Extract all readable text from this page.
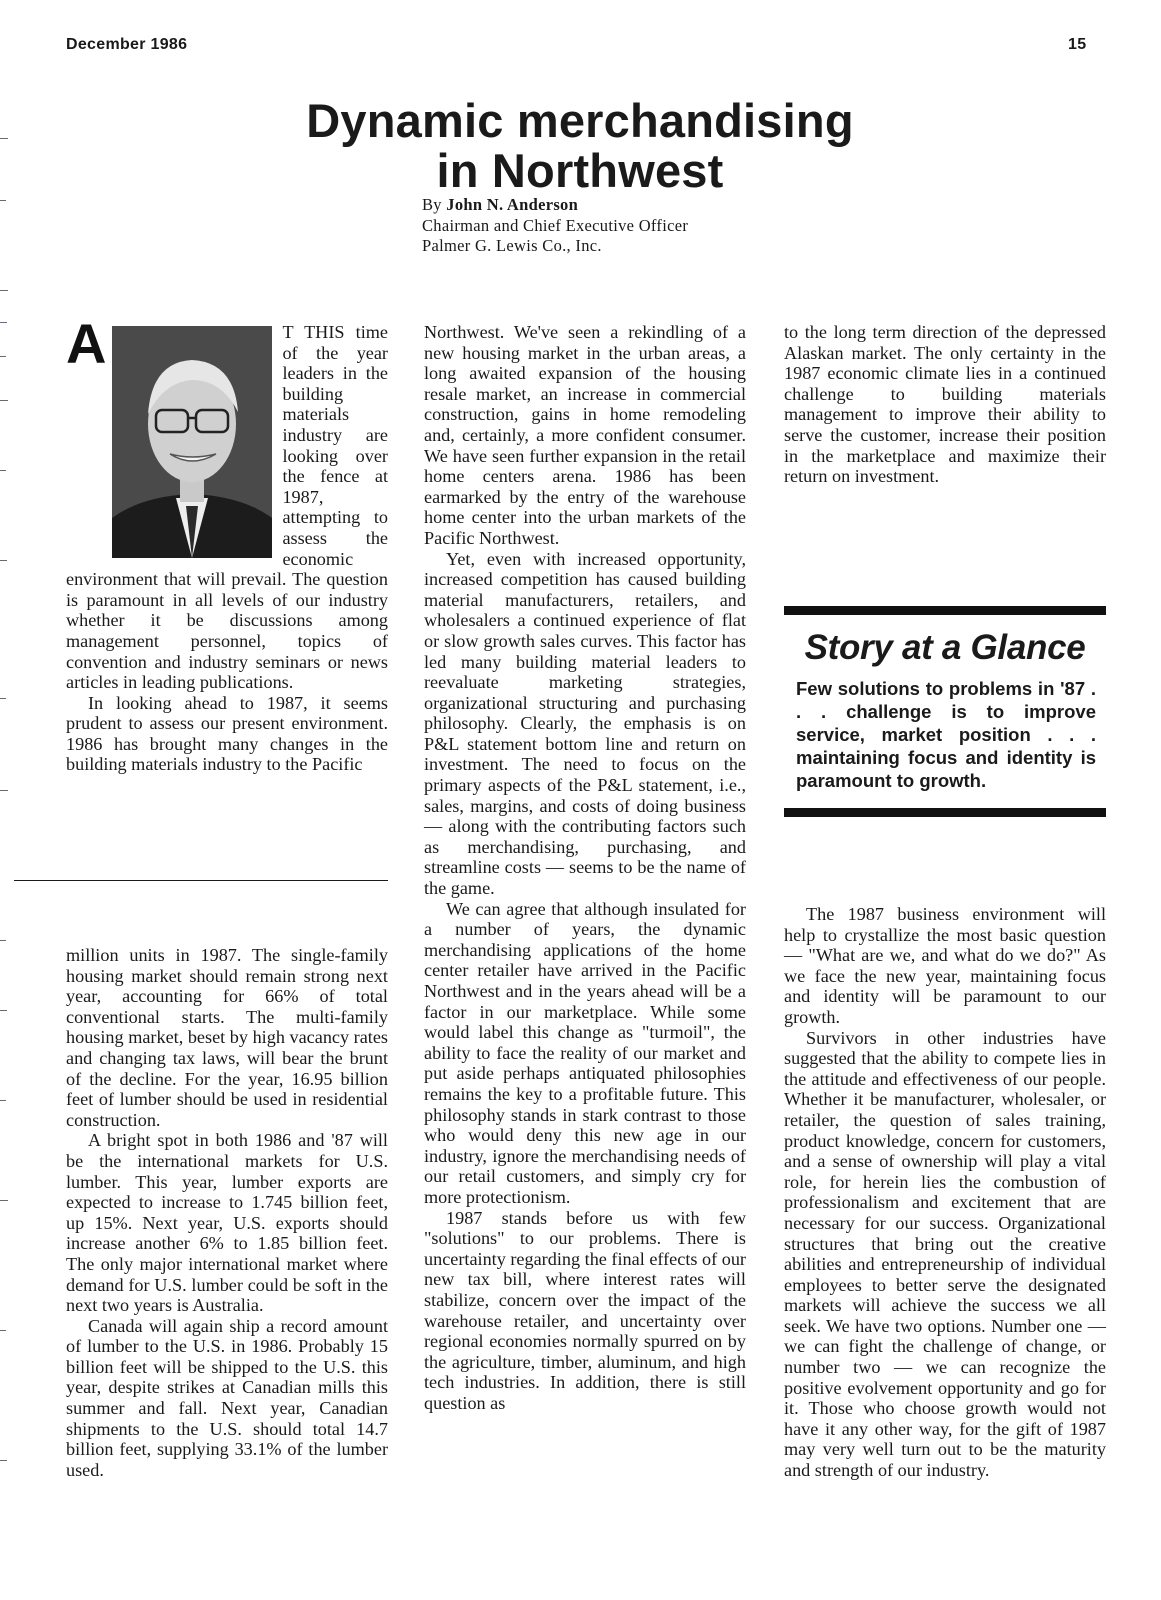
December 1986	15
Dynamic merchandising
in Northwest
By John N. Anderson
Chairman and Chief Executive Officer
Palmer G. Lewis Co., Inc.
A	T THIS time of the year leaders in the building materials industry are looking over the fence at 1987, attempting to assess the economic environment that will prevail. The question is paramount in all levels of our industry whether it be discussions among management personnel, topics of convention and industry seminars or news articles in leading publications.

In looking ahead to 1987, it seems prudent to assess our present environment. 1986 has brought many changes in the building materials industry to the Pacific

million units in 1987. The single-family housing market should remain strong next year, accounting for 66% of total conventional starts. The multi-family housing market, beset by high vacancy rates and changing tax laws, will bear the brunt of the decline. For the year, 16.95 billion feet of lumber should be used in residential construction.

A bright spot in both 1986 and '87 will be the international markets for U.S. lumber. This year, lumber exports are expected to increase to 1.745 billion feet, up 15%. Next year, U.S. exports should increase another 6% to 1.85 billion feet. The only major international market where demand for U.S. lumber could be soft in the next two years is Australia.

Canada will again ship a record amount of lumber to the U.S. in 1986. Probably 15 billion feet will be shipped to the U.S. this year, despite strikes at Canadian mills this summer and fall. Next year, Canadian shipments to the U.S. should total 14.7 billion feet, supplying 33.1% of the lumber used.

Northwest. We've seen a rekindling of a new housing market in the urban areas, a long awaited expansion of the housing resale market, an increase in commercial construction, gains in home remodeling and, certainly, a more confident consumer. We have seen further expansion in the retail home centers arena. 1986 has been earmarked by the entry of the warehouse home center into the urban markets of the Pacific Northwest.

Yet, even with increased opportunity, increased competition has caused building material manufacturers, retailers, and wholesalers a continued experience of flat or slow growth sales curves. This factor has led many building material leaders to reevaluate marketing strategies, organizational structuring and purchasing philosophy. Clearly, the emphasis is on P&L statement bottom line and return on investment. The need to focus on the primary aspects of the P&L statement, i.e., sales, margins, and costs of doing business — along with the contributing factors such as merchandising, purchasing, and streamline costs — seems to be the name of the game.

We can agree that although insulated for a number of years, the dynamic merchandising applications of the home center retailer have arrived in the Pacific Northwest and in the years ahead will be a factor in our marketplace. While some would label this change as "turmoil", the ability to face the reality of our market and put aside perhaps antiquated philosophies remains the key to a profitable future. This philosophy stands in stark contrast to those who would deny this new age in our industry, ignore the merchandising needs of our retail customers, and simply cry for more protectionism.

1987 stands before us with few "solutions" to our problems. There is uncertainty regarding the final effects of our new tax bill, where interest rates will stabilize, concern over the impact of the warehouse retailer, and uncertainty over regional economies normally spurred on by the agriculture, timber, aluminum, and high tech industries. In addition, there is still question as

to the long term direction of the depressed Alaskan market. The only certainty in the 1987 economic climate lies in a continued challenge to building materials management to improve their ability to serve the customer, increase their position in the marketplace and maximize their return on investment.

Story at a Glance
Few solutions to problems in '87 . . . challenge is to improve service, market position . . . maintaining focus and identity is paramount to growth.

The 1987 business environment will help to crystallize the most basic question — "What are we, and what do we do?" As we face the new year, maintaining focus and identity will be paramount to our growth.

Survivors in other industries have suggested that the ability to compete lies in the attitude and effectiveness of our people. Whether it be manufacturer, wholesaler, or retailer, the question of sales training, product knowledge, concern for customers, and a sense of ownership will play a vital role, for herein lies the combustion of professionalism and excitement that are necessary for our success. Organizational structures that bring out the creative abilities and entrepreneurship of individual employees to better serve the designated markets will achieve the success we all seek. We have two options. Number one — we can fight the challenge of change, or number two — we can recognize the positive evolvement opportunity and go for it. Those who choose growth would not have it any other way, for the gift of 1987 may very well turn out to be the maturity and strength of our industry.
